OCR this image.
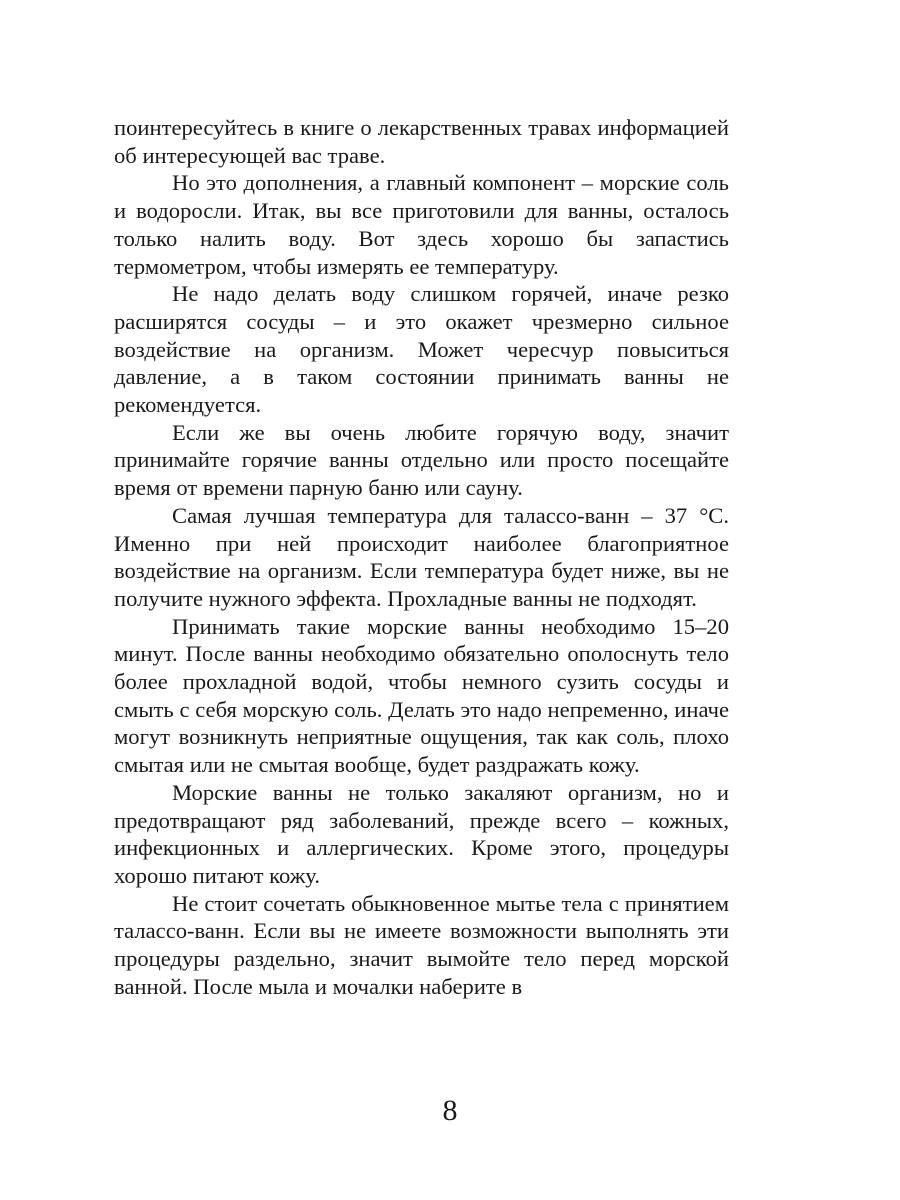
поинтересуйтесь в книге о лекарственных травах информацией об интересующей вас траве.

Но это дополнения, а главный компонент – морские соль и водоросли. Итак, вы все приготовили для ванны, осталось только налить воду. Вот здесь хорошо бы запастись термометром, чтобы измерять ее температуру.

Не надо делать воду слишком горячей, иначе резко расширятся сосуды – и это окажет чрезмерно сильное воздействие на организм. Может чересчур повыситься давление, а в таком состоянии принимать ванны не рекомендуется.

Если же вы очень любите горячую воду, значит принимайте горячие ванны отдельно или просто посещайте время от времени парную баню или сауну.

Самая лучшая температура для талассо-ванн – 37 °С. Именно при ней происходит наиболее благоприятное воздействие на организм. Если температура будет ниже, вы не получите нужного эффекта. Прохладные ванны не подходят.

Принимать такие морские ванны необходимо 15–20 минут. После ванны необходимо обязательно ополоснуть тело более прохладной водой, чтобы немного сузить сосуды и смыть с себя морскую соль. Делать это надо непременно, иначе могут возникнуть неприятные ощущения, так как соль, плохо смытая или не смытая вообще, будет раздражать кожу.

Морские ванны не только закаляют организм, но и предотвращают ряд заболеваний, прежде всего – кожных, инфекционных и аллергических. Кроме этого, процедуры хорошо питают кожу.

Не стоит сочетать обыкновенное мытье тела с принятием талассо-ванн. Если вы не имеете возможности выполнять эти процедуры раздельно, значит вымойте тело перед морской ванной. После мыла и мочалки наберите в

8
